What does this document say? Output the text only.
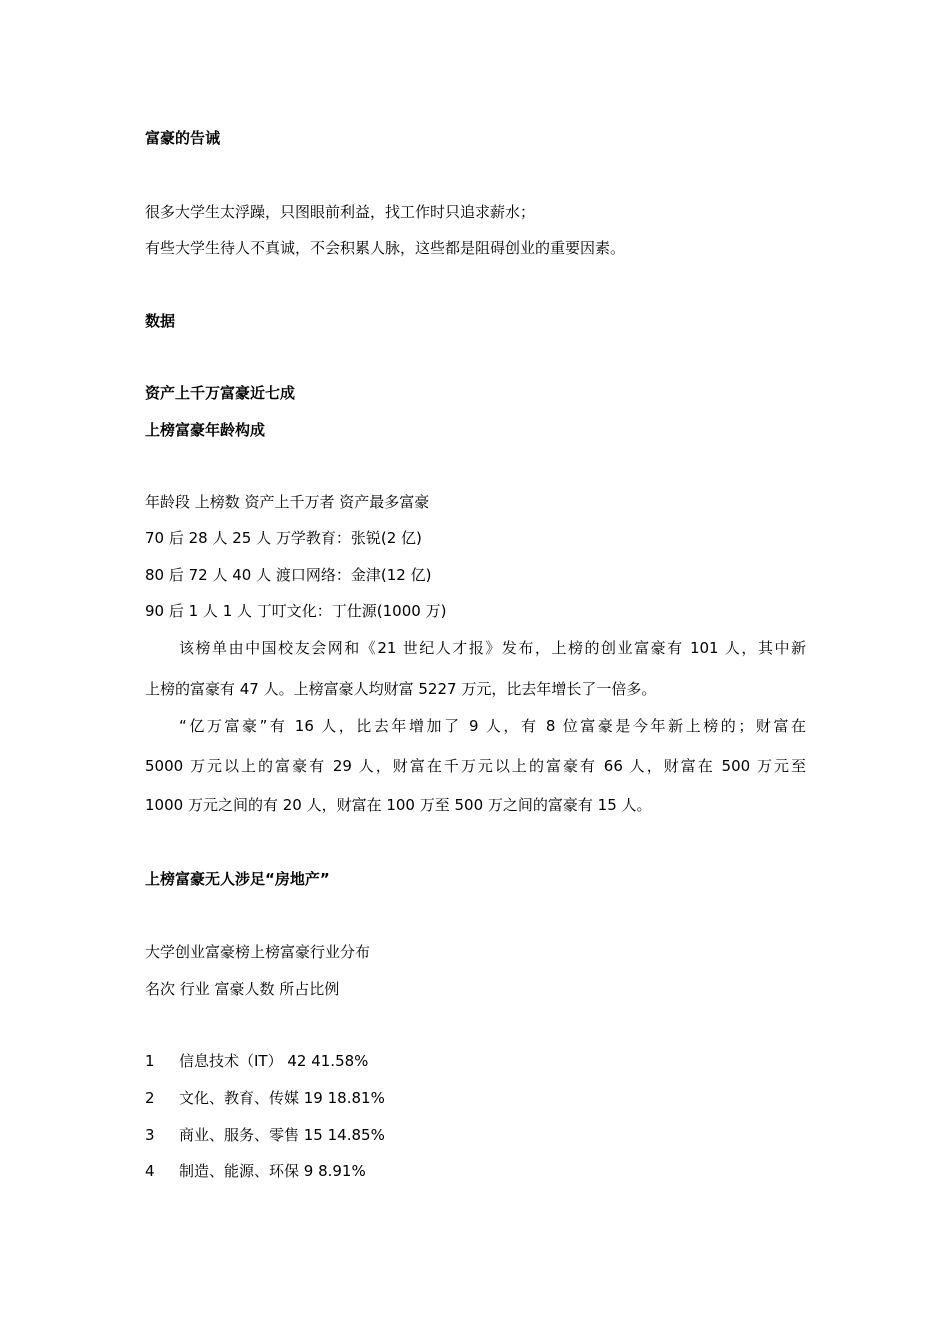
富豪的告诫
很多大学生太浮躁，只图眼前利益，找工作时只追求薪水；
有些大学生待人不真诚，不会积累人脉，这些都是阻碍创业的重要因素。
数据
资产上千万富豪近七成
上榜富豪年龄构成
年龄段 上榜数 资产上千万者 资产最多富豪
70 后 28 人 25 人 万学教育：张锐(2 亿)
80 后 72 人 40 人 渡口网络：金津(12 亿)
90 后 1 人 1 人 丁叮文化：丁仕源(1000 万)
该榜单由中国校友会网和《21 世纪人才报》发布，上榜的创业富豪有 101 人，其中新
上榜的富豪有 47 人。上榜富豪人均财富 5227 万元，比去年增长了一倍多。
“亿万富豪”有 16 人，比去年增加了 9 人，有 8 位富豪是今年新上榜的；财富在
5000 万元以上的富豪有 29 人，财富在千万元以上的富豪有 66 人，财富在 500 万元至
1000 万元之间的有 20 人，财富在 100 万至 500 万之间的富豪有 15 人。
上榜富豪无人涉足“房地产”
大学创业富豪榜上榜富豪行业分布
名次 行业 富豪人数 所占比例
1 信息技术（IT） 42 41.58%
2 文化、教育、传媒 19 18.81%
3 商业、服务、零售 15 14.85%
4 制造、能源、环保 9 8.91%
